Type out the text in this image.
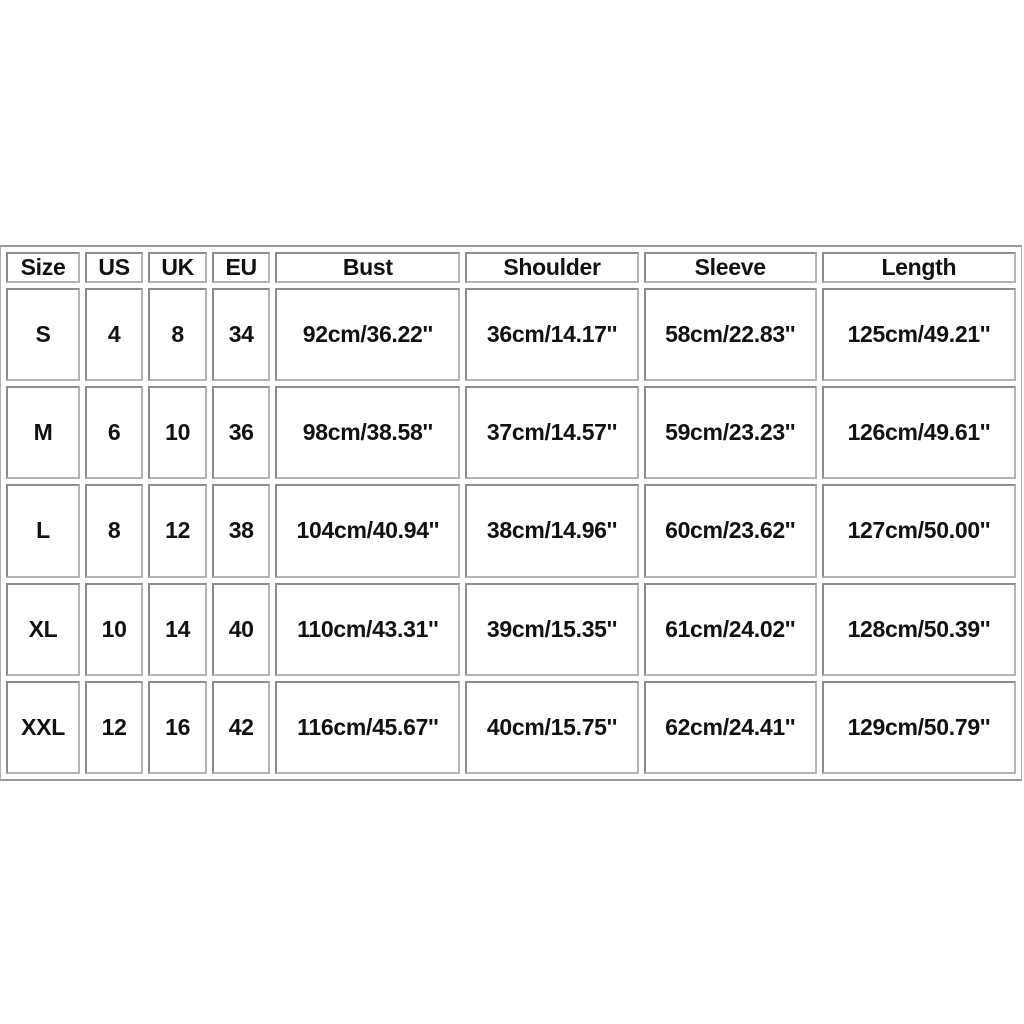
Size	US	UK	EU	Bust	Shoulder	Sleeve	Length
S	4	8	34	92cm/36.22''	36cm/14.17''	58cm/22.83''	125cm/49.21''
M	6	10	36	98cm/38.58''	37cm/14.57''	59cm/23.23''	126cm/49.61''
L	8	12	38	104cm/40.94''	38cm/14.96''	60cm/23.62''	127cm/50.00''
XL	10	14	40	110cm/43.31''	39cm/15.35''	61cm/24.02''	128cm/50.39''
XXL	12	16	42	116cm/45.67''	40cm/15.75''	62cm/24.41''	129cm/50.79''
